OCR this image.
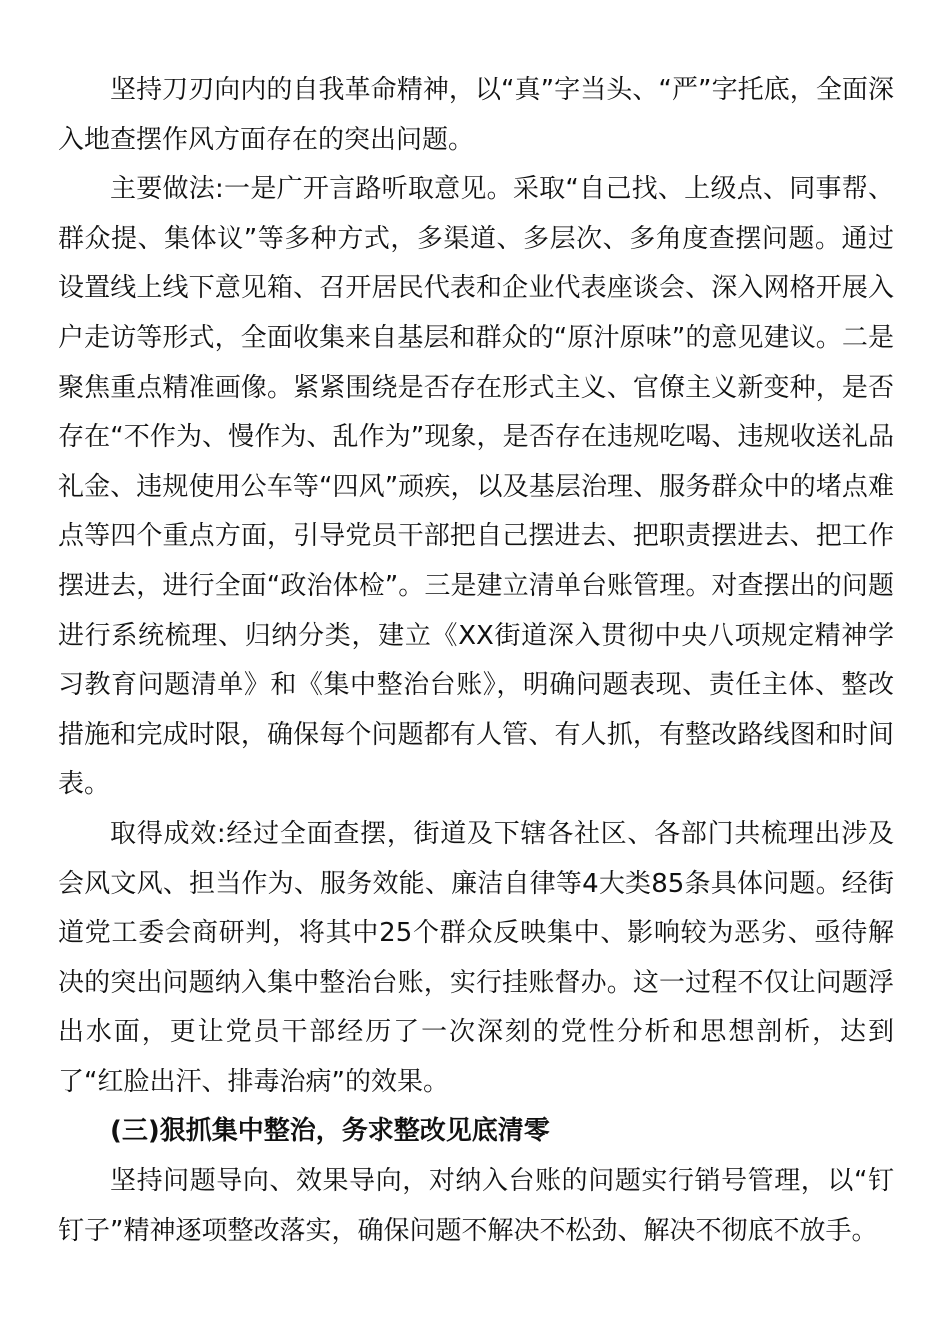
坚持刀刃向内的自我革命精神，以“真”字当头、“严”字托底，全面深入地查摆作风方面存在的突出问题。

主要做法:一是广开言路听取意见。采取“自己找、上级点、同事帮、群众提、集体议”等多种方式，多渠道、多层次、多角度查摆问题。通过设置线上线下意见箱、召开居民代表和企业代表座谈会、深入网格开展入户走访等形式，全面收集来自基层和群众的“原汁原味”的意见建议。二是聚焦重点精准画像。紧紧围绕是否存在形式主义、官僚主义新变种，是否存在“不作为、慢作为、乱作为”现象，是否存在违规吃喝、违规收送礼品礼金、违规使用公车等“四风”顽疾，以及基层治理、服务群众中的堵点难点等四个重点方面，引导党员干部把自己摆进去、把职责摆进去、把工作摆进去，进行全面“政治体检”。三是建立清单台账管理。对查摆出的问题进行系统梳理、归纳分类，建立《XX街道深入贯彻中央八项规定精神学习教育问题清单》和《集中整治台账》，明确问题表现、责任主体、整改措施和完成时限，确保每个问题都有人管、有人抓，有整改路线图和时间表。

取得成效:经过全面查摆，街道及下辖各社区、各部门共梳理出涉及会风文风、担当作为、服务效能、廉洁自律等4大类85条具体问题。经街道党工委会商研判，将其中25个群众反映集中、影响较为恶劣、亟待解决的突出问题纳入集中整治台账，实行挂账督办。这一过程不仅让问题浮出水面，更让党员干部经历了一次深刻的党性分析和思想剖析，达到了“红脸出汗、排毒治病”的效果。

(三)狠抓集中整治，务求整改见底清零

坚持问题导向、效果导向，对纳入台账的问题实行销号管理，以“钉钉子”精神逐项整改落实，确保问题不解决不松劲、解决不彻底不放手。
